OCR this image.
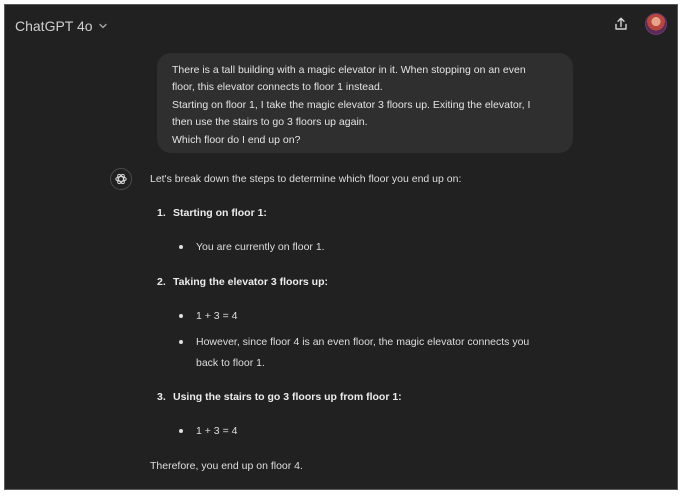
ChatGPT 4o

There is a tall building with a magic elevator in it. When stopping on an even

floor, this elevator connects to floor 1 instead.

Starting on floor 1, I take the magic elevator 3 floors up. Exiting the elevator, I

then use the stairs to go 3 floors up again.

Which floor do I end up on?

Let's break down the steps to determine which floor you end up on:
1. Starting on floor 1:
You are currently on floor 1.
2. Taking the elevator 3 floors up:
1 + 3 = 4
However, since floor 4 is an even floor, the magic elevator connects you
back to floor 1.
3. Using the stairs to go 3 floors up from floor 1:
1 + 3 = 4
Therefore, you end up on floor 4.
